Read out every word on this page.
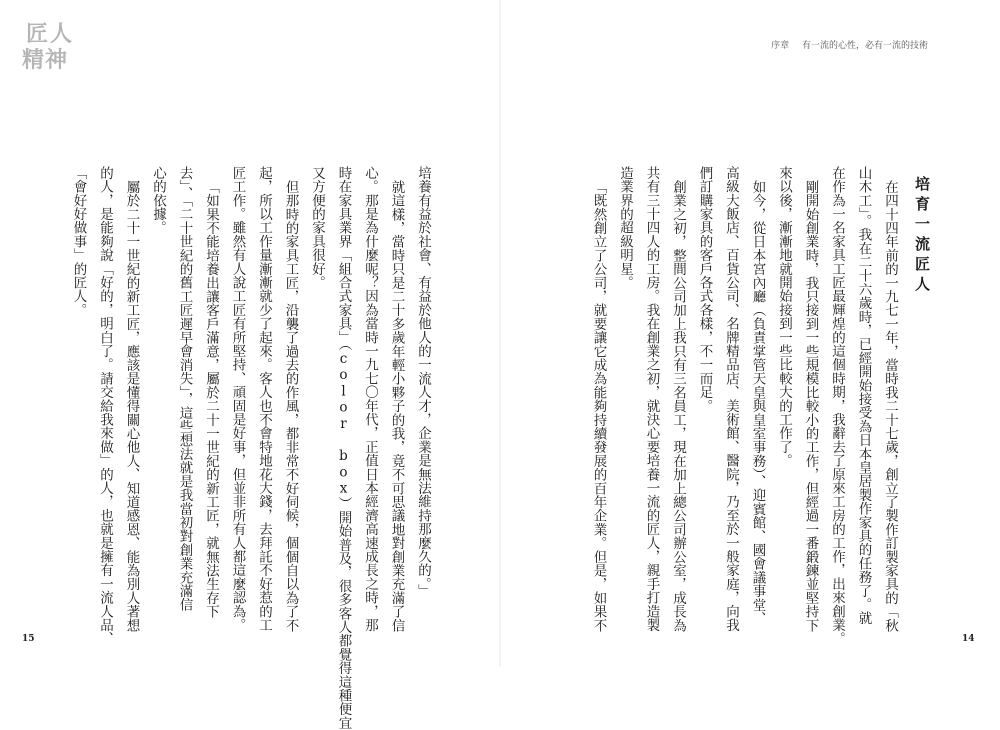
匠人
精神
序章 有一流的心性，必有一流的技術
培育一流匠人
在四十四年前的一九七一年，當時我二十七歲，創立了製作訂製家具的「秋
山木工」。我在二十六歲時，已經開始接受為日本皇居製作家具的任務了。就
在作為一名家具工匠最輝煌的這個時期，我辭去了原來工房的工作，出來創業。
剛開始創業時，我只接到一些規模比較小的工作，但經過一番鍛鍊並堅持下
來以後，漸漸地就開始接到一些比較大的工作了。
如今，從日本宮內廳（負責掌管天皇與皇室事務）、迎賓館、國會議事堂、
高級大飯店、百貨公司、名牌精品店、美術館、醫院，乃至於一般家庭，向我
們訂購家具的客戶各式各樣，不一而足。
創業之初，整間公司加上我只有三名員工，現在加上總公司辦公室，成長為
共有三十四人的工房。我在創業之初，就決心要培養一流的匠人，親手打造製
造業界的超級明星。
「既然創立了公司，就要讓它成為能夠持續發展的百年企業。但是，如果不
培養有益於社會、有益於他人的一流人才，企業是無法維持那麼久的。」
就這樣，當時只是二十多歲年輕小夥子的我，竟不可思議地對創業充滿了信
心。那是為什麼呢？因為當時一九七〇年代，正值日本經濟高速成長之時，那
時在家具業界「組合式家具」（color box）開始普及，很多客人都覺得這種便宜
又方便的家具很好。
但那時的家具工匠，沿襲了過去的作風，都非常不好伺候，個個自以為了不
起，所以工作量漸漸就少了起來。客人也不會特地花大錢，去拜託不好惹的工
匠工作。雖然有人說工匠有所堅持、頑固是好事，但並非所有人都這麼認為。
「如果不能培養出讓客戶滿意，屬於二十一世紀的新工匠，就無法生存下
去」、「二十世紀的舊工匠遲早會消失」，這些想法就是我當初對創業充滿信
心的依據。
屬於二十一世紀的新工匠，應該是懂得關心他人、知道感恩、能為別人著想
的人，是能夠說「好的，明白了。請交給我來做」的人，也就是擁有一流人品、
「會好好做事」的匠人。
15	14
